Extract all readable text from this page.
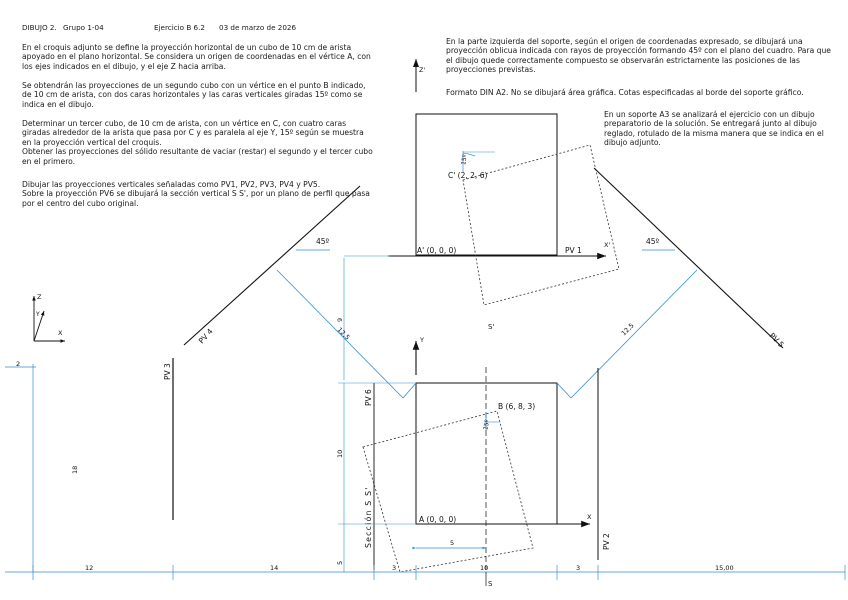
DIBUJO 2. Grupo 1-04	Ejercicio B 6.2 03 de marzo de 2026

En el croquis adjunto se define la proyección horizontal de un cubo de 10 cm de arista apoyado en el plano horizontal. Se considera un origen de coordenadas en el vértice A, con los ejes indicados en el dibujo, y el eje Z hacia arriba.

Se obtendrán las proyecciones de un segundo cubo con un vértice en el punto B indicado, de 10 cm de arista, con dos caras horizontales y las caras verticales giradas 15º como se indica en el dibujo.

Determinar un tercer cubo, de 10 cm de arista, con un vértice en C, con cuatro caras giradas alrededor de la arista que pasa por C y es paralela al eje Y, 15º según se muestra en la proyección vertical del croquis.
Obtener las proyecciones del sólido resultante de vaciar (restar) el segundo y el tercer cubo en el primero.

Dibujar las proyecciones verticales señaladas como PV1, PV2, PV3, PV4 y PV5.
Sobre la proyección PV6 se dibujará la sección vertical S S', por un plano de perfil que pasa por el centro del cubo original.

En la parte izquierda del soporte, según el origen de coordenadas expresado, se dibujará una proyección oblicua indicada con rayos de proyección formando 45º con el plano del cuadro. Para que el dibujo quede correctamente compuesto se observarán estrictamente las posiciones de las proyecciones previstas.

Formato DIN A2. No se dibujará área gráfica. Cotas especificadas al borde del soporte gráfico.

En un soporte A3 se analizará el ejercicio con un dibujo preparatorio de la solución. Se entregará junto al dibujo reglado, rotulado de la misma manera que se indica en el dibujo adjunto.

A' (0, 0, 0)
C' (2, 2, 6)
PV 1
X'
Z'
15º
A (0, 0, 0)
B (6, 8, 3)
X
Y
15º
45º	45º
PV 4	PV 5
PV 3
PV 2
PV 6
Sección S S'
S
S'
Z
Y
X
2
18
12	14	3	10	3	15,00
5
5
10
9
12,5	12,5
